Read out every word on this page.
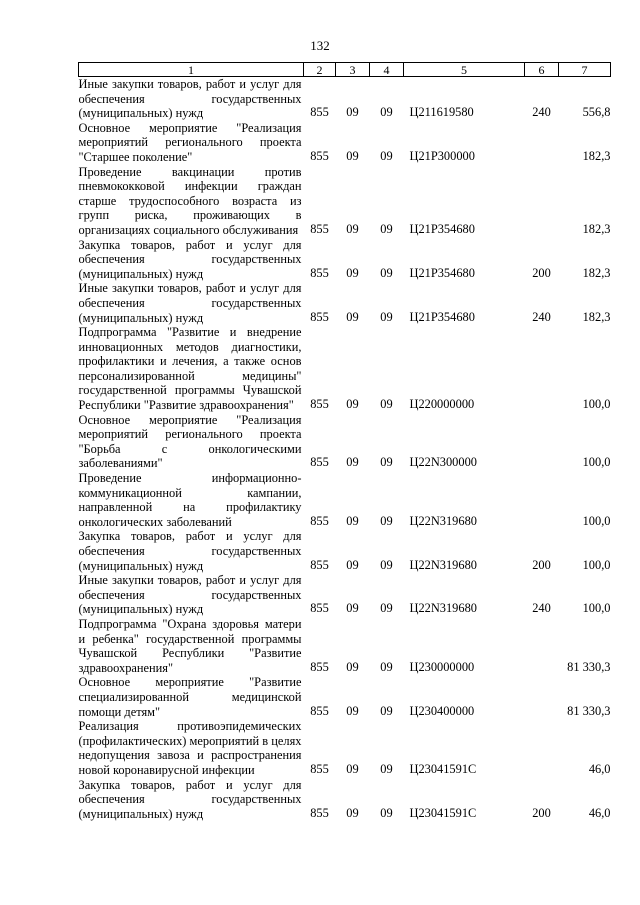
132
1	2	3	4	5	6	7
Иные закупки товаров, работ и услуг для обеспечения государственных (муниципальных) нужд	855	09	09	Ц211619580	240	556,8
Основное мероприятие "Реализация мероприятий регионального проекта "Старшее поколение"	855	09	09	Ц21P300000		182,3
Проведение вакцинации против пневмококковой инфекции граждан старше трудоспособного возраста из групп риска, проживающих в организациях социального обслуживания	855	09	09	Ц21P354680		182,3
Закупка товаров, работ и услуг для обеспечения государственных (муниципальных) нужд	855	09	09	Ц21P354680	200	182,3
Иные закупки товаров, работ и услуг для обеспечения государственных (муниципальных) нужд	855	09	09	Ц21P354680	240	182,3
Подпрограмма "Развитие и внедрение инновационных методов диагностики, профилактики и лечения, а также основ персонализированной медицины" государственной программы Чувашской Республики "Развитие здравоохранения"	855	09	09	Ц220000000		100,0
Основное мероприятие "Реализация мероприятий регионального проекта "Борьба с онкологическими заболеваниями"	855	09	09	Ц22N300000		100,0
Проведение информационно-коммуникационной кампании, направленной на профилактику онкологических заболеваний	855	09	09	Ц22N319680		100,0
Закупка товаров, работ и услуг для обеспечения государственных (муниципальных) нужд	855	09	09	Ц22N319680	200	100,0
Иные закупки товаров, работ и услуг для обеспечения государственных (муниципальных) нужд	855	09	09	Ц22N319680	240	100,0
Подпрограмма "Охрана здоровья матери и ребенка" государственной программы Чувашской Республики "Развитие здравоохранения"	855	09	09	Ц230000000		81 330,3
Основное мероприятие "Развитие специализированной медицинской помощи детям"	855	09	09	Ц230400000		81 330,3
Реализация противоэпидемических (профилактических) мероприятий в целях недопущения завоза и распространения новой коронавирусной инфекции	855	09	09	Ц23041591С		46,0
Закупка товаров, работ и услуг для обеспечения государственных (муниципальных) нужд	855	09	09	Ц23041591С	200	46,0
